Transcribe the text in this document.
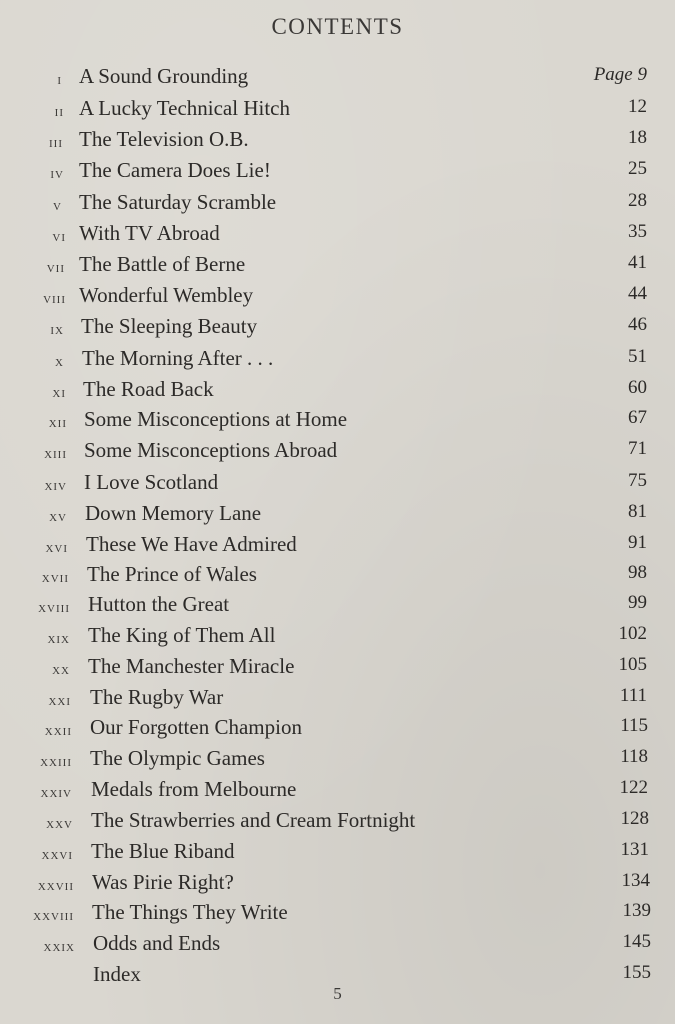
CONTENTS
i A Sound Grounding	Page 9
ii A Lucky Technical Hitch	12
iii The Television O.B.	18
iv The Camera Does Lie!	25
v The Saturday Scramble	28
vi With TV Abroad	35
vii The Battle of Berne	41
viii Wonderful Wembley	44
ix The Sleeping Beauty	46
x The Morning After . . .	51
xi The Road Back	60
xii Some Misconceptions at Home	67
xiii Some Misconceptions Abroad	71
xiv I Love Scotland	75
xv Down Memory Lane	81
xvi These We Have Admired	91
xvii The Prince of Wales	98
xviii Hutton the Great	99
xix The King of Them All	102
xx The Manchester Miracle	105
xxi The Rugby War	111
xxii Our Forgotten Champion	115
xxiii The Olympic Games	118
xxiv Medals from Melbourne	122
xxv The Strawberries and Cream Fortnight	128
xxvi The Blue Riband	131
xxvii Was Pirie Right?	134
xxviii The Things They Write	139
xxix Odds and Ends	145
Index	155
5
